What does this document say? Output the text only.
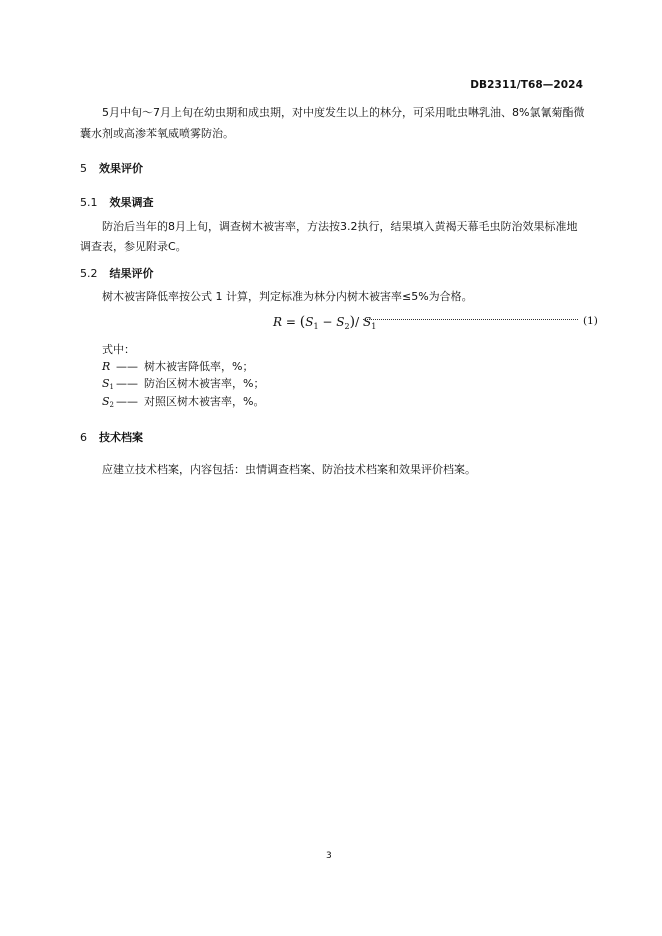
DB2311/T68—2024
5月中旬～7月上旬在幼虫期和成虫期，对中度发生以上的林分，可采用吡虫啉乳油、8%氯氰菊酯微
囊水剂或高渗苯氧威喷雾防治。
5 效果评价
5.1 效果调查
防治后当年的8月上旬，调查树木被害率，方法按3.2执行，结果填入黄褐天幕毛虫防治效果标准地
调查表，参见附录C。
5.2 结果评价
树木被害降低率按公式 1 计算，判定标准为林分内树木被害率≤5%为合格。
$R = (S_1 - S_2)/$ $S_1$	(1)
式中：
R —— 树木被害降低率，%；
$S_1$ —— 防治区树木被害率，%；
$S_2$ —— 对照区树木被害率，%。
6 技术档案
应建立技术档案，内容包括：虫情调查档案、防治技术档案和效果评价档案。
3
